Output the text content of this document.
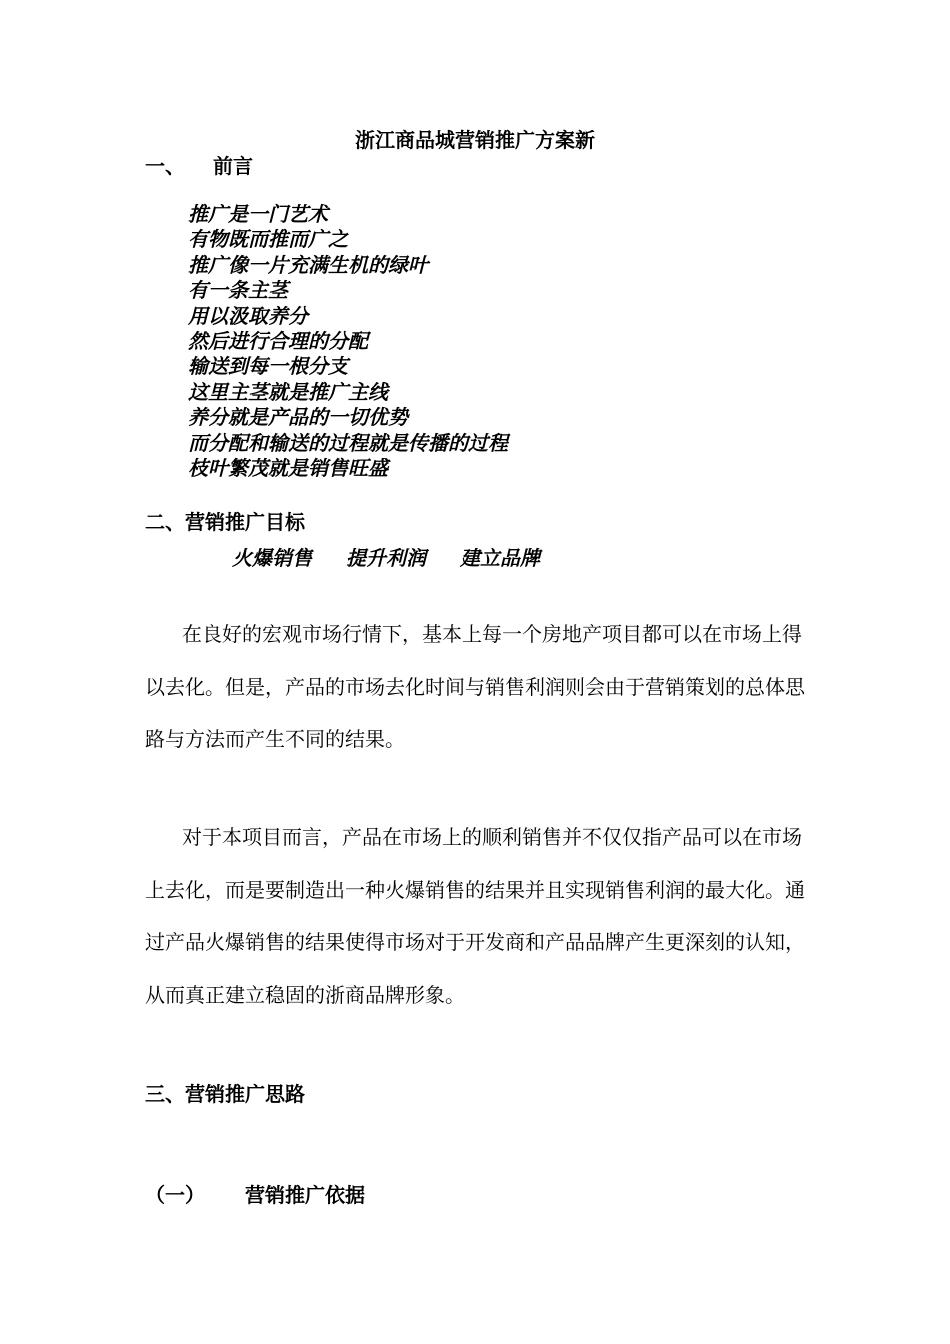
浙江商品城营销推广方案新
一、 前言
推广是一门艺术
有物既而推而广之
推广像一片充满生机的绿叶
有一条主茎
用以汲取养分
然后进行合理的分配
输送到每一根分支
这里主茎就是推广主线
养分就是产品的一切优势
而分配和输送的过程就是传播的过程
枝叶繁茂就是销售旺盛
二、营销推广目标
火爆销售 提升利润 建立品牌
在良好的宏观市场行情下，基本上每一个房地产项目都可以在市场上得以去化。但是，产品的市场去化时间与销售利润则会由于营销策划的总体思路与方法而产生不同的结果。
对于本项目而言，产品在市场上的顺利销售并不仅仅指产品可以在市场上去化，而是要制造出一种火爆销售的结果并且实现销售利润的最大化。通过产品火爆销售的结果使得市场对于开发商和产品品牌产生更深刻的认知，从而真正建立稳固的浙商品牌形象。
三、营销推广思路
（一） 营销推广依据
